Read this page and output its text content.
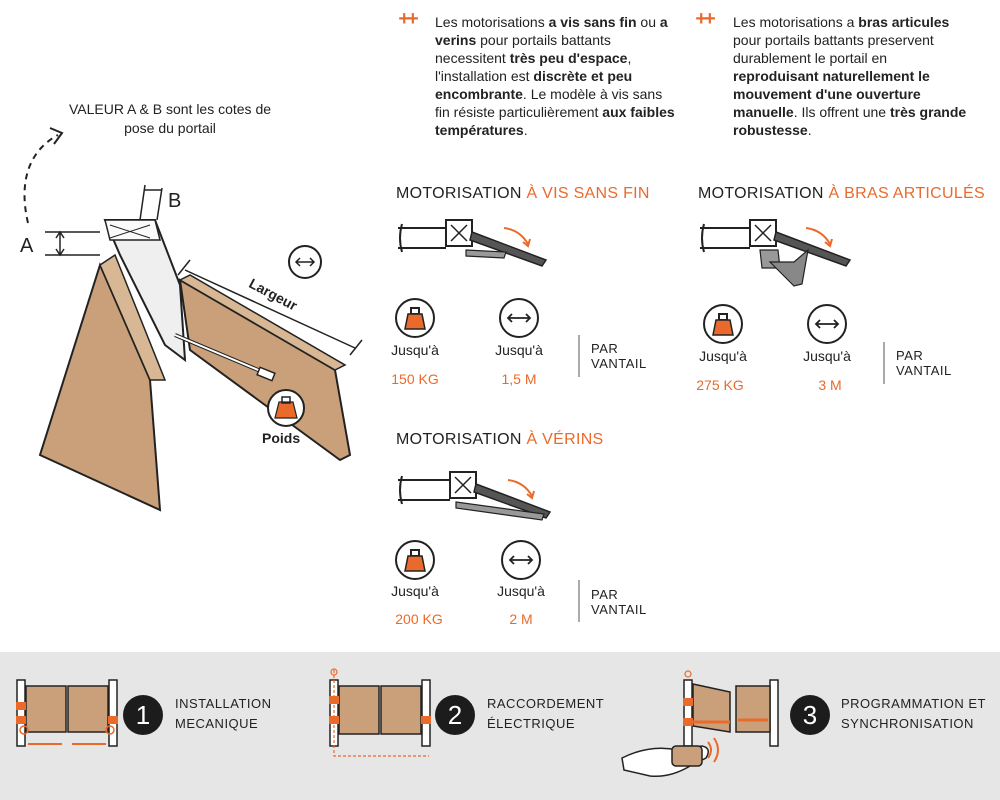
A
B
Largeur
Poids
VALEUR A & B sont les cotes de pose du portail
++ Les motorisations a vis sans fin ou a verins pour portails battants necessitent très peu d'espace, l'installation est discrète et peu encombrante. Le modèle à vis sans fin résiste particulièrement aux faibles températures.
++ Les motorisations a bras articules pour portails battants preservent durablement le portail en reproduisant naturellement le mouvement d'une ouverture manuelle. Ils offrent une très grande robustesse.
MOTORISATION À VIS SANS FIN
Jusqu'à	Jusqu'à
150 KG	1,5 M
PAR VANTAIL
MOTORISATION À BRAS ARTICULÉS
Jusqu'à	Jusqu'à
275 KG	3 M
PAR VANTAIL
MOTORISATION À VÉRINS
Jusqu'à	Jusqu'à
200 KG	2 M
PAR VANTAIL
1	INSTALLATION MECANIQUE	2	RACCORDEMENT ÉLECTRIQUE	3	PROGRAMMATION ET SYNCHRONISATION
